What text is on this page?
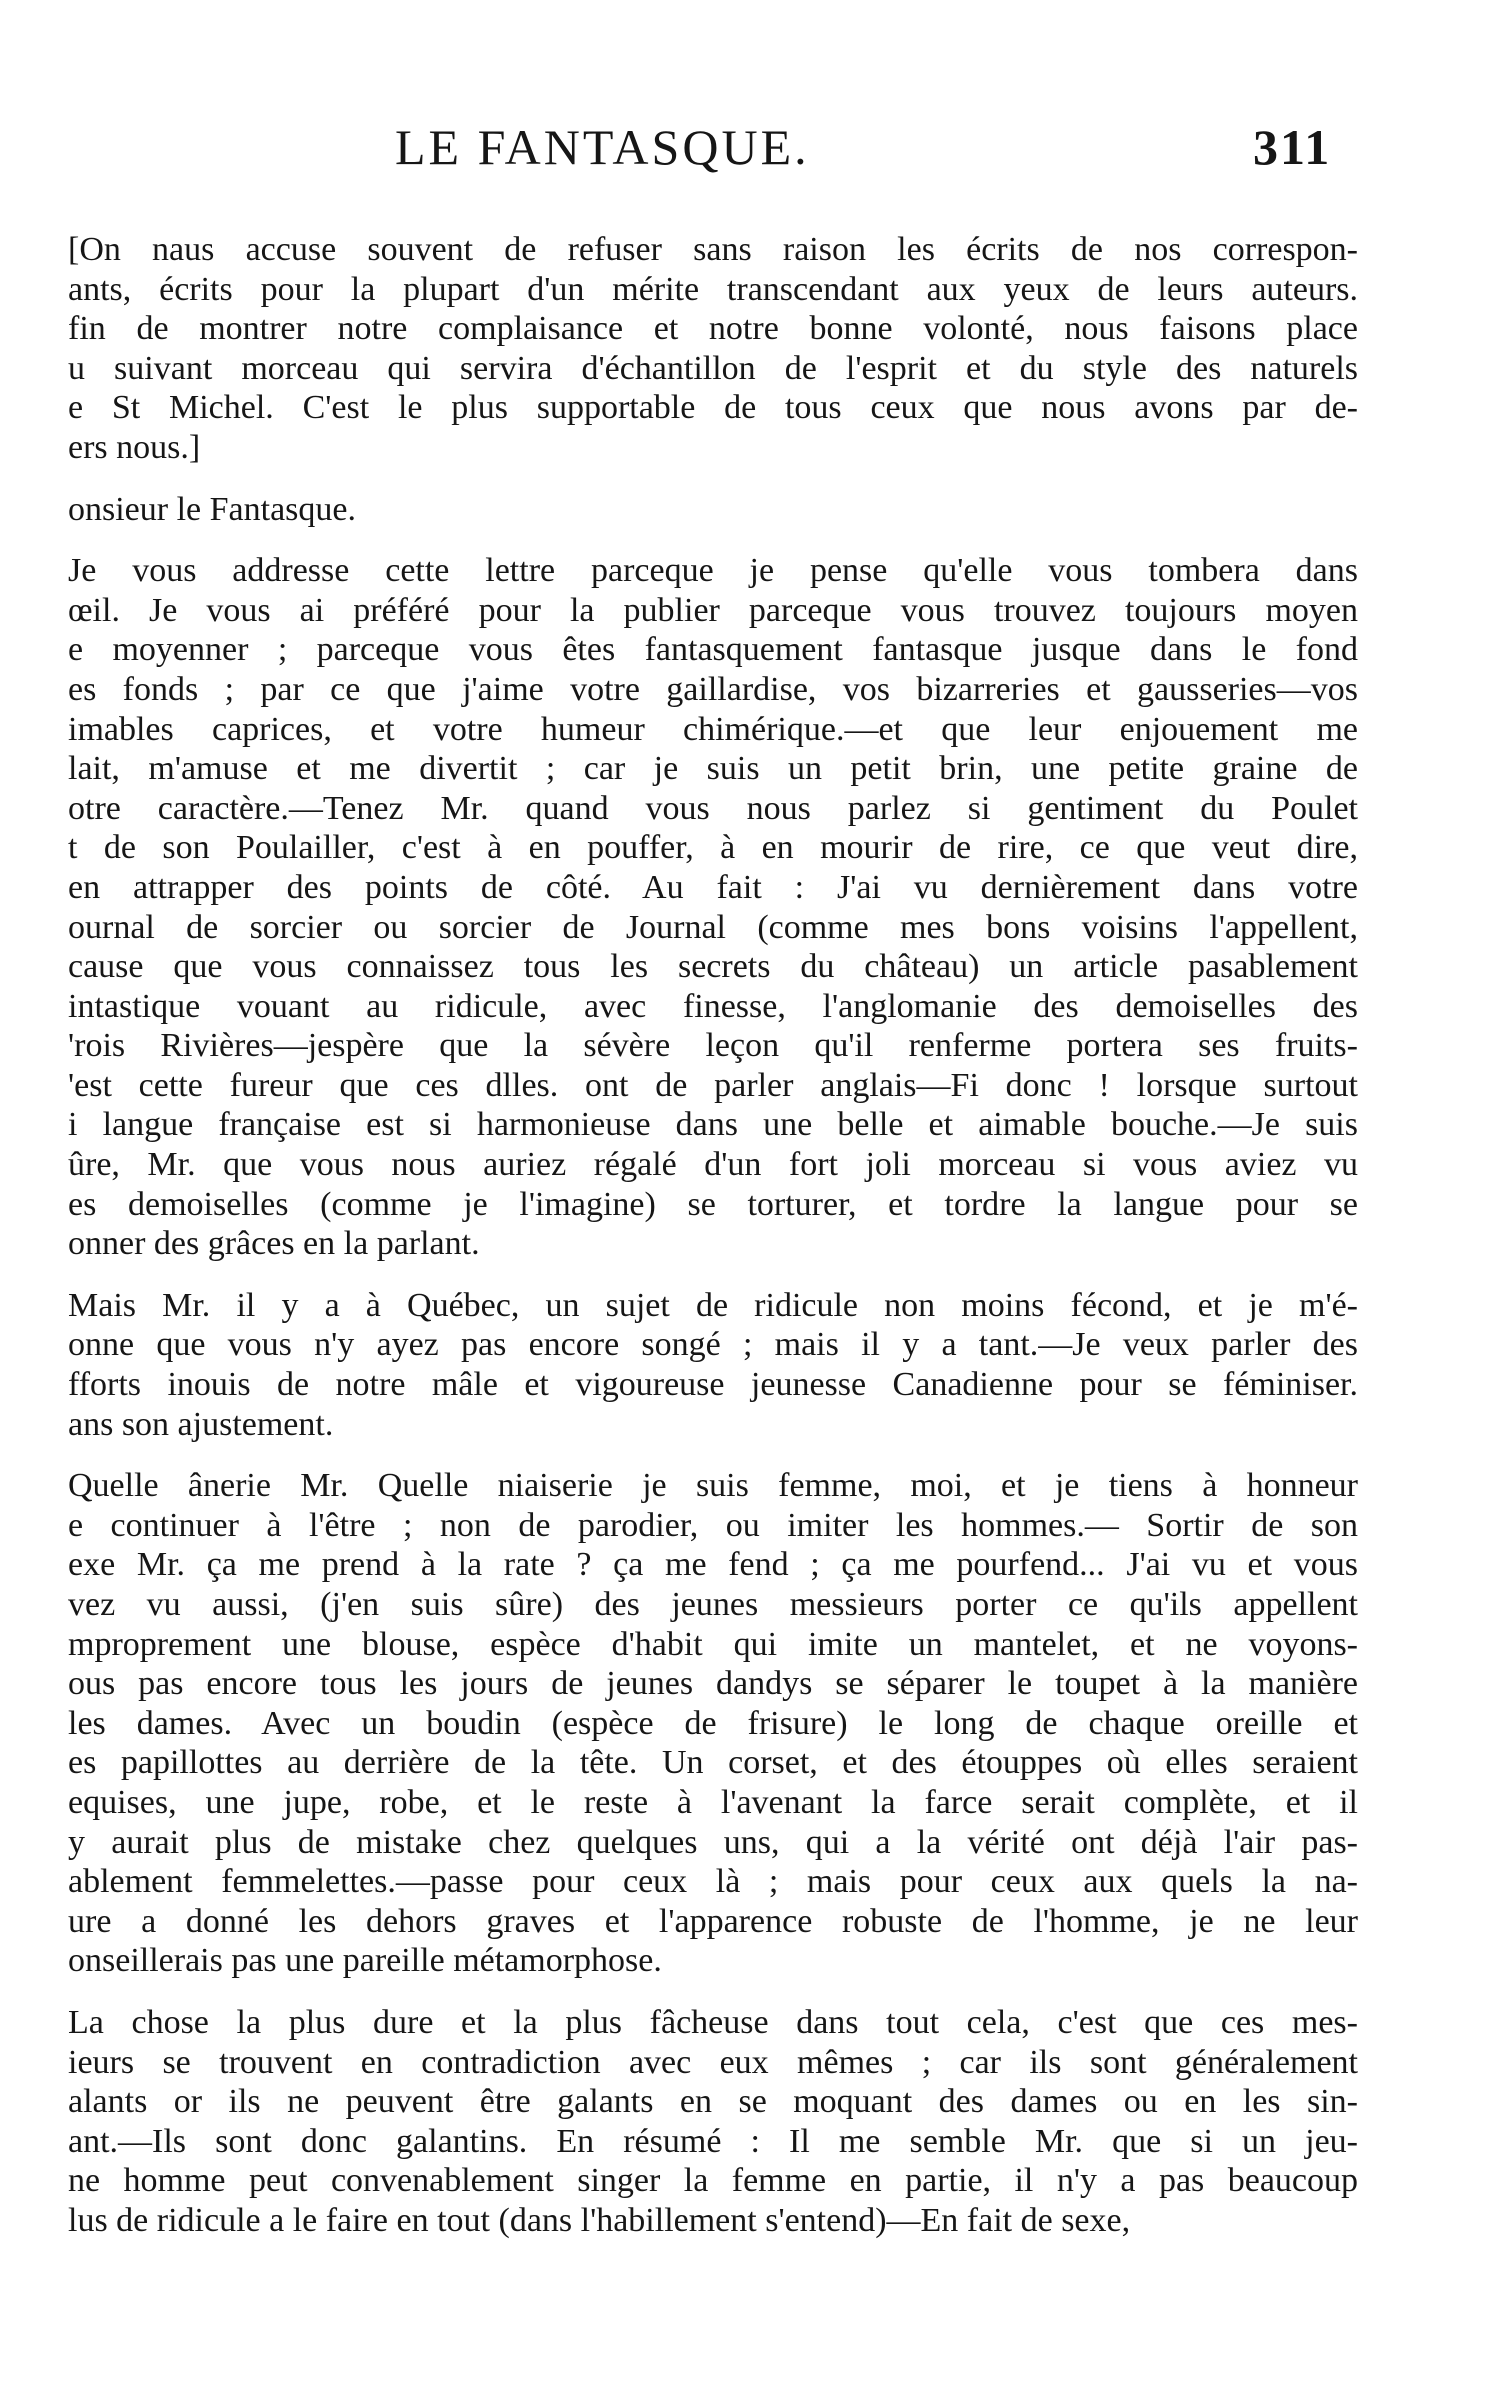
LE FANTASQUE.	311
[On naus accuse souvent de refuser sans raison les écrits de nos correspon-
ants, écrits pour la plupart d'un mérite transcendant aux yeux de leurs auteurs.
fin de montrer notre complaisance et notre bonne volonté, nous faisons place
u suivant morceau qui servira d'échantillon de l'esprit et du style des naturels
e St Michel. C'est le plus supportable de tous ceux que nous avons par de-
ers nous.]
onsieur le Fantasque.
Je vous addresse cette lettre parceque je pense qu'elle vous tombera dans
œil. Je vous ai préféré pour la publier parceque vous trouvez toujours moyen
e moyenner ; parceque vous êtes fantasquement fantasque jusque dans le fond
es fonds ; par ce que j'aime votre gaillardise, vos bizarreries et gausseries—vos
imables caprices, et votre humeur chimérique.—et que leur enjouement me
lait, m'amuse et me divertit ; car je suis un petit brin, une petite graine de
otre caractère.—Tenez Mr. quand vous nous parlez si gentiment du Poulet
t de son Poulailler, c'est à en pouffer, à en mourir de rire, ce que veut dire,
en attrapper des points de côté. Au fait : J'ai vu dernièrement dans votre
ournal de sorcier ou sorcier de Journal (comme mes bons voisins l'appellent,
cause que vous connaissez tous les secrets du château) un article pasablement
intastique vouant au ridicule, avec finesse, l'anglomanie des demoiselles des
'rois Rivières—jespère que la sévère leçon qu'il renferme portera ses fruits-
'est cette fureur que ces dlles. ont de parler anglais—Fi donc ! lorsque surtout
i langue française est si harmonieuse dans une belle et aimable bouche.—Je suis
ûre, Mr. que vous nous auriez régalé d'un fort joli morceau si vous aviez vu
es demoiselles (comme je l'imagine) se torturer, et tordre la langue pour se
onner des grâces en la parlant.
Mais Mr. il y a à Québec, un sujet de ridicule non moins fécond, et je m'é-
onne que vous n'y ayez pas encore songé ; mais il y a tant.—Je veux parler des
fforts inouis de notre mâle et vigoureuse jeunesse Canadienne pour se féminiser.
ans son ajustement.
Quelle ânerie Mr. Quelle niaiserie je suis femme, moi, et je tiens à honneur
e continuer à l'être ; non de parodier, ou imiter les hommes.— Sortir de son
exe Mr. ça me prend à la rate ? ça me fend ; ça me pourfend... J'ai vu et vous
vez vu aussi, (j'en suis sûre) des jeunes messieurs porter ce qu'ils appellent
mproprement une blouse, espèce d'habit qui imite un mantelet, et ne voyons-
ous pas encore tous les jours de jeunes dandys se séparer le toupet à la manière
les dames. Avec un boudin (espèce de frisure) le long de chaque oreille et
es papillottes au derrière de la tête. Un corset, et des étouppes où elles seraient
equises, une jupe, robe, et le reste à l'avenant la farce serait complète, et il
y aurait plus de mistake chez quelques uns, qui a la vérité ont déjà l'air pas-
ablement femmelettes.—passe pour ceux là ; mais pour ceux aux quels la na-
ure a donné les dehors graves et l'apparence robuste de l'homme, je ne leur
onseillerais pas une pareille métamorphose.
La chose la plus dure et la plus fâcheuse dans tout cela, c'est que ces mes-
ieurs se trouvent en contradiction avec eux mêmes ; car ils sont généralement
alants or ils ne peuvent être galants en se moquant des dames ou en les sin-
ant.—Ils sont donc galantins. En résumé : Il me semble Mr. que si un jeu-
ne homme peut convenablement singer la femme en partie, il n'y a pas beaucoup
lus de ridicule a le faire en tout (dans l'habillement s'entend)—En fait de sexe,
